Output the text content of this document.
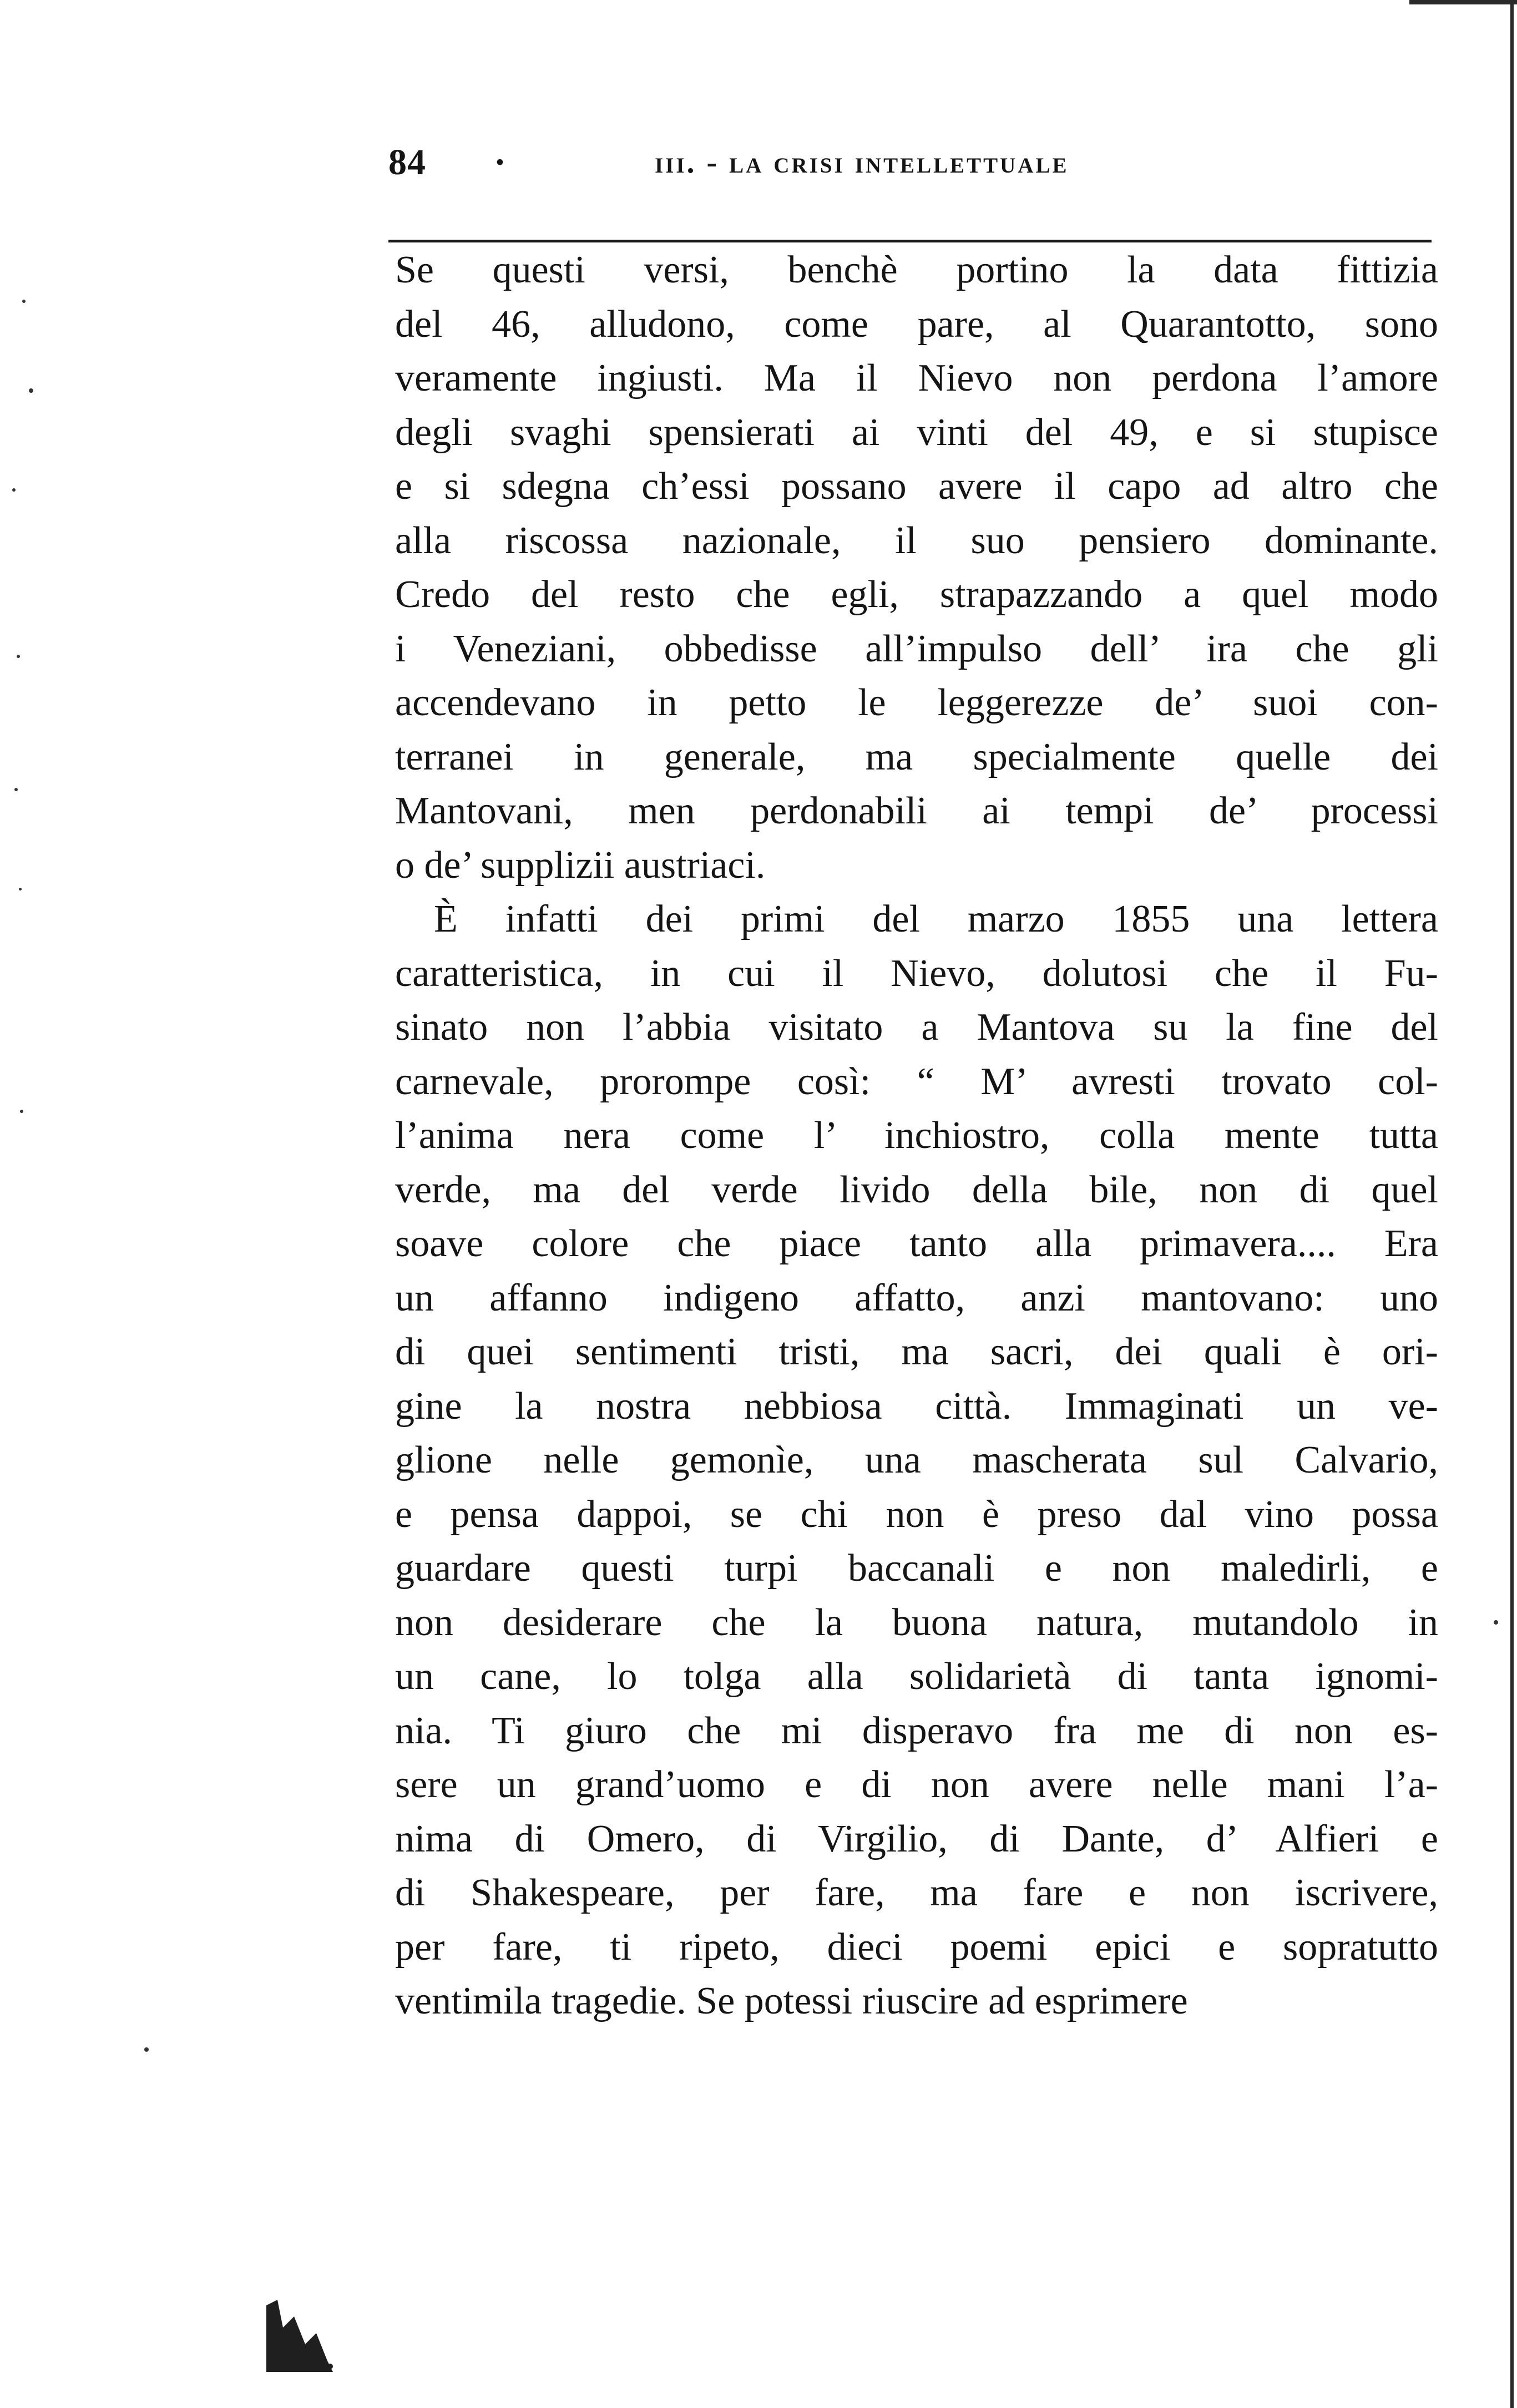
84 ·	iii. - la crisi intellettuale
Se questi versi, benchè portino la data fittizia
del 46, alludono, come pare, al Quarantotto, sono
veramente ingiusti. Ma il Nievo non perdona l’amore
degli svaghi spensierati ai vinti del 49, e si stupisce
e si sdegna ch’essi possano avere il capo ad altro che
alla riscossa nazionale, il suo pensiero dominante.
Credo del resto che egli, strapazzando a quel modo
i Veneziani, obbedisse all’impulso dell’ ira che gli
accendevano in petto le leggerezze de’ suoi con-
terranei in generale, ma specialmente quelle dei
Mantovani, men perdonabili ai tempi de’ processi
o de’ supplizii austriaci.
È infatti dei primi del marzo 1855 una lettera
caratteristica, in cui il Nievo, dolutosi che il Fu-
sinato non l’abbia visitato a Mantova su la fine del
carnevale, prorompe così: “ M’ avresti trovato col-
l’anima nera come l’ inchiostro, colla mente tutta
verde, ma del verde livido della bile, non di quel
soave colore che piace tanto alla primavera.... Era
un affanno indigeno affatto, anzi mantovano: uno
di quei sentimenti tristi, ma sacri, dei quali è ori-
gine la nostra nebbiosa città. Immaginati un ve-
glione nelle gemonìe, una mascherata sul Calvario,
e pensa dappoi, se chi non è preso dal vino possa
guardare questi turpi baccanali e non maledirli, e
non desiderare che la buona natura, mutandolo in
un cane, lo tolga alla solidarietà di tanta ignomi-
nia. Ti giuro che mi disperavo fra me di non es-
sere un grand’uomo e di non avere nelle mani l’a-
nima di Omero, di Virgilio, di Dante, d’ Alfieri e
di Shakespeare, per fare, ma fare e non iscrivere,
per fare, ti ripeto, dieci poemi epici e sopratutto
ventimila tragedie. Se potessi riuscire ad esprimere
